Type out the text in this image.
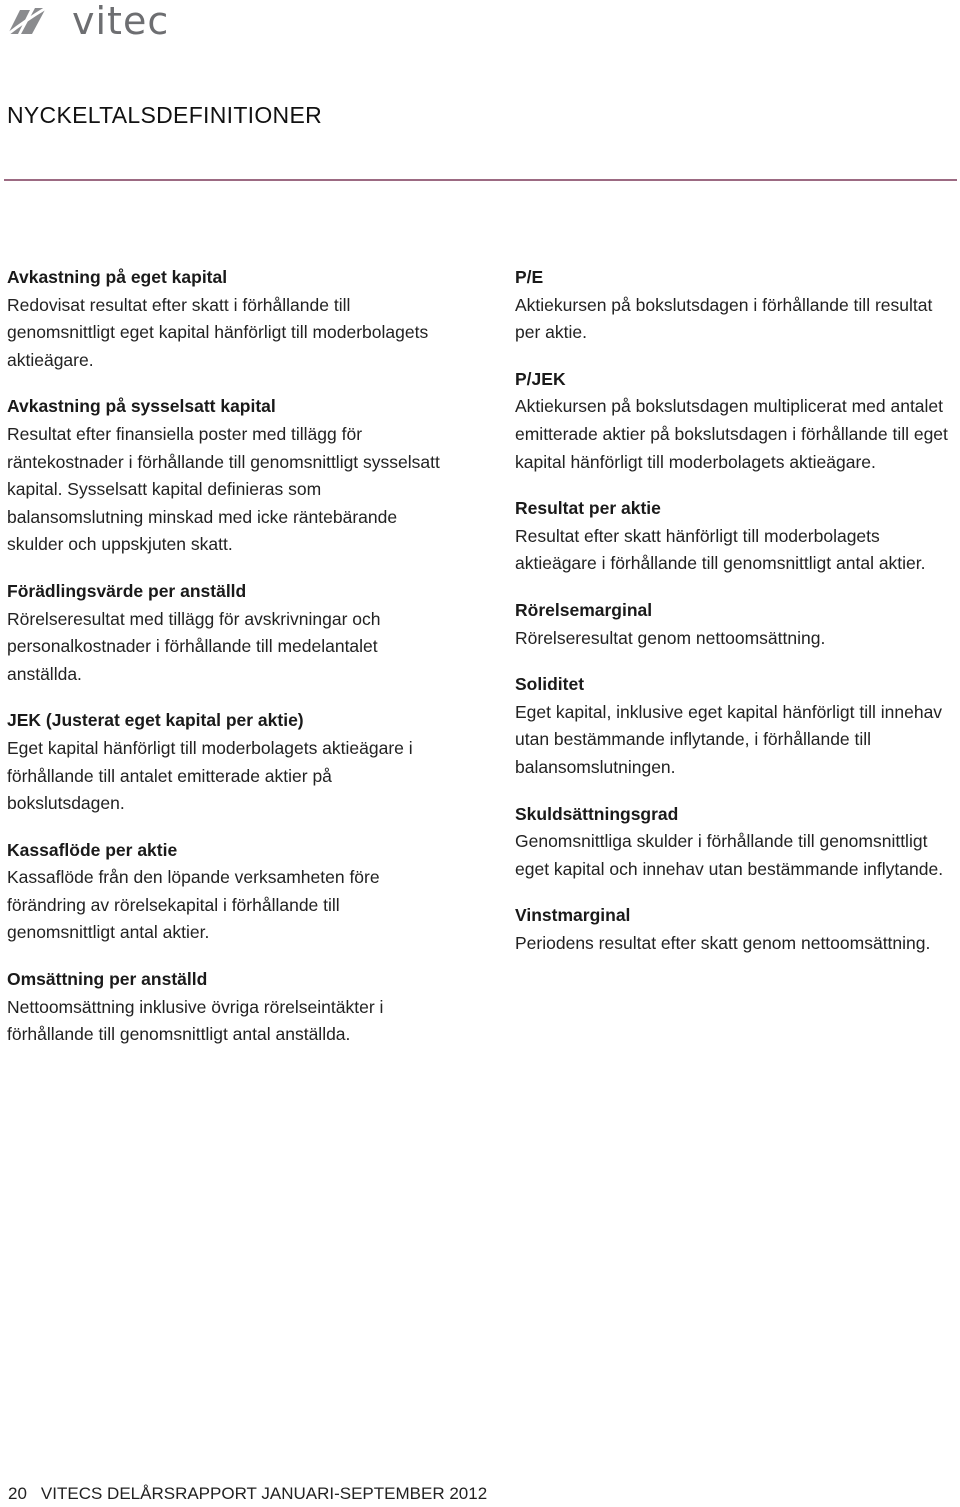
vitec
NYCKELTALSDEFINITIONER
Avkastning på eget kapital
Redovisat resultat efter skatt i förhållande till genomsnittligt eget kapital hänförligt till moderbolagets aktieägare.
Avkastning på sysselsatt kapital
Resultat efter finansiella poster med tillägg för räntekostnader i förhållande till genomsnittligt sysselsatt kapital. Sysselsatt kapital definieras som balansomslutning minskad med icke räntebärande skulder och uppskjuten skatt.
Förädlingsvärde per anställd
Rörelseresultat med tillägg för avskrivningar och personalkostnader i förhållande till medelantalet anställda.
JEK (Justerat eget kapital per aktie)
Eget kapital hänförligt till moderbolagets aktieägare i förhållande till antalet emitterade aktier på bokslutsdagen.
Kassaflöde per aktie
Kassaflöde från den löpande verksamheten före förändring av rörelsekapital i förhållande till genomsnittligt antal aktier.
Omsättning per anställd
Nettoomsättning inklusive övriga rörelseintäkter i förhållande till genomsnittligt antal anställda.
P/E
Aktiekursen på bokslutsdagen i förhållande till resultat per aktie.
P/JEK
Aktiekursen på bokslutsdagen multiplicerat med antalet emitterade aktier på bokslutsdagen i förhållande till eget kapital hänförligt till moderbolagets aktieägare.
Resultat per aktie
Resultat efter skatt hänförligt till moderbolagets aktieägare i förhållande till genomsnittligt antal aktier.
Rörelsemarginal
Rörelseresultat genom nettoomsättning.
Soliditet
Eget kapital, inklusive eget kapital hänförligt till innehav utan bestämmande inflytande, i förhållande till balansomslutningen.
Skuldsättningsgrad
Genomsnittliga skulder i förhållande till genomsnittligt eget kapital och innehav utan bestämmande inflytande.
Vinstmarginal
Periodens resultat efter skatt genom nettoomsättning.
20 VITECS DELÅRSRAPPORT JANUARI-SEPTEMBER 2012
